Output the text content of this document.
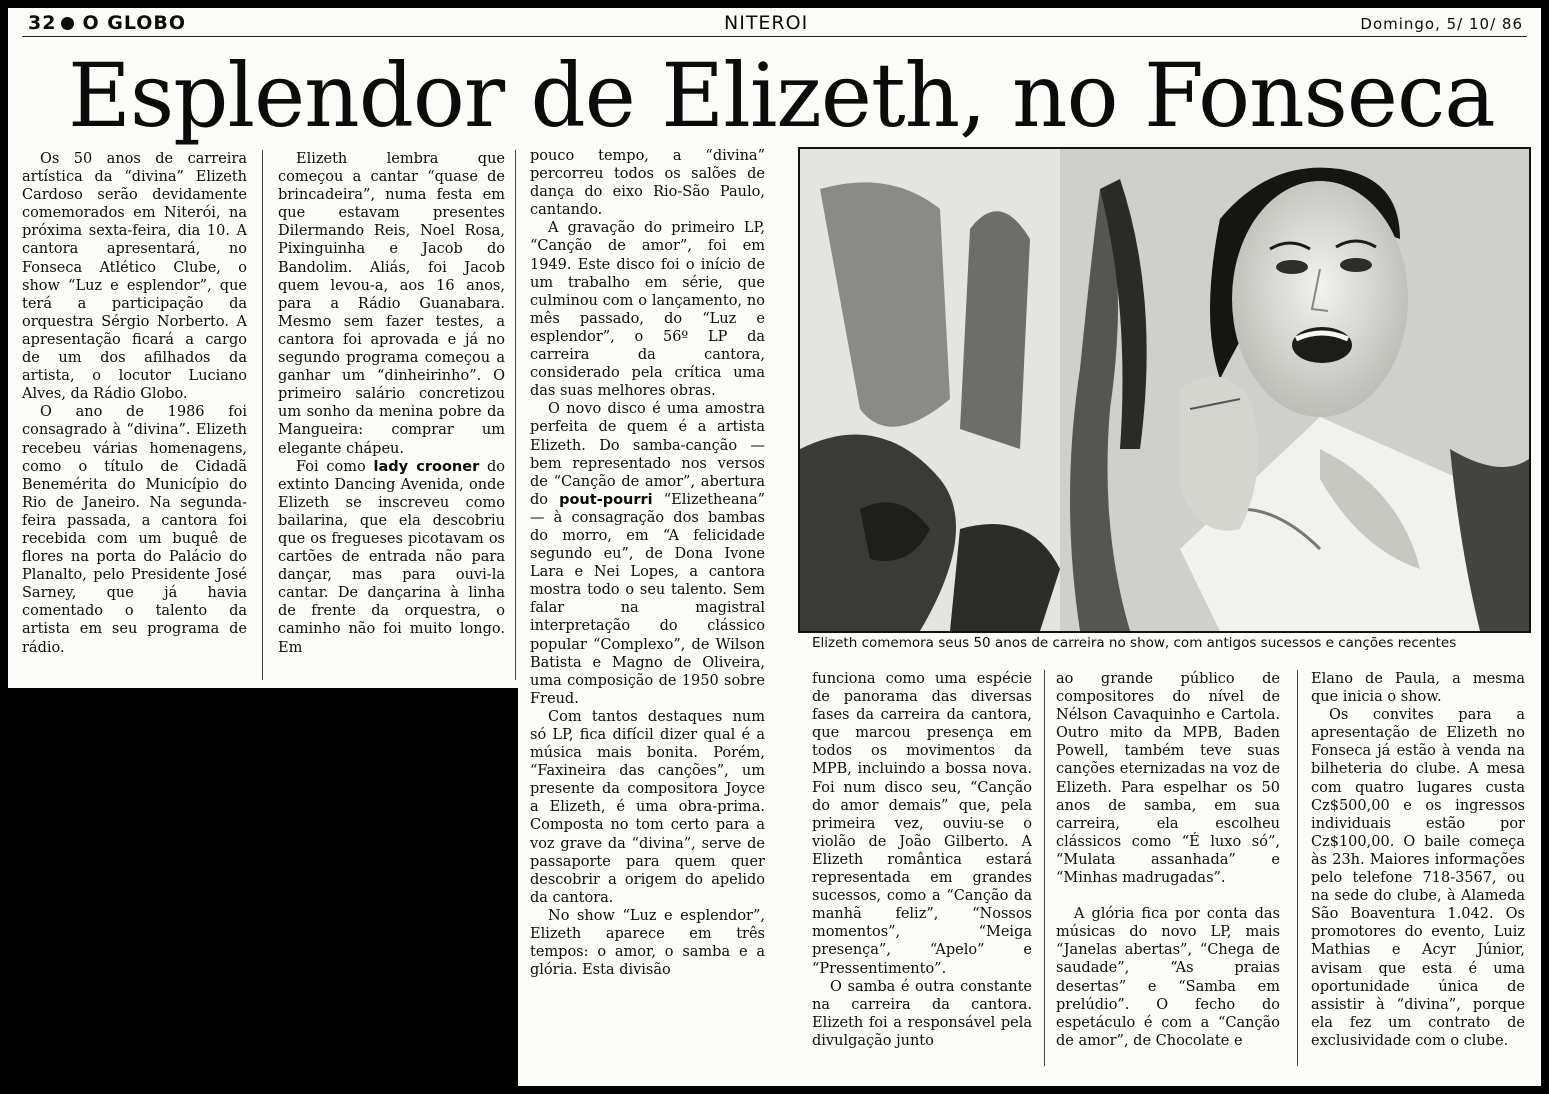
32 O GLOBO	NITEROI	Domingo, 5/ 10/ 86
Esplendor de Elizeth, no Fonseca

Os 50 anos de carreira artística da “divina” Elizeth Cardoso serão devidamente comemorados em Niterói, na próxima sexta-feira, dia 10. A cantora apresentará, no Fonseca Atlético Clube, o show “Luz e esplendor”, que terá a participação da orquestra Sérgio Norberto. A apresentação ficará a cargo de um dos afilhados da artista, o locutor Luciano Alves, da Rádio Globo.

O ano de 1986 foi consagrado à “divina”. Elizeth recebeu várias homenagens, como o título de Cidadã Benemérita do Município do Rio de Janeiro. Na segunda-feira passada, a cantora foi recebida com um buquê de flores na porta do Palácio do Planalto, pelo Presidente José Sarney, que já havia comentado o talento da artista em seu programa de rádio.

Elizeth lembra que começou a cantar “quase de brincadeira”, numa festa em que estavam presentes Dilermando Reis, Noel Rosa, Pixinguinha e Jacob do Bandolim. Aliás, foi Jacob quem levou-a, aos 16 anos, para a Rádio Guanabara. Mesmo sem fazer testes, a cantora foi aprovada e já no segundo programa começou a ganhar um “dinheirinho”. O primeiro salário concretizou um sonho da menina pobre da Mangueira: comprar um elegante chápeu.

Foi como lady crooner do extinto Dancing Avenida, onde Elizeth se inscreveu como bailarina, que ela descobriu que os fregueses picotavam os cartões de entrada não para dançar, mas para ouvi-la cantar. De dançarina à linha de frente da orquestra, o caminho não foi muito longo. Em

pouco tempo, a “divina” percorreu todos os salões de dança do eixo Rio-São Paulo, cantando.

A gravação do primeiro LP, “Canção de amor”, foi em 1949. Este disco foi o início de um trabalho em série, que culminou com o lançamento, no mês passado, do “Luz e esplendor”, o 56º LP da carreira da cantora, considerado pela crítica uma das suas melhores obras.

O novo disco é uma amostra perfeita de quem é a artista Elizeth. Do samba-canção — bem representado nos versos de “Canção de amor”, abertura do pout-pourri “Elizetheana” — à consagração dos bambas do morro, em “A felicidade segundo eu”, de Dona Ivone Lara e Nei Lopes, a cantora mostra todo o seu talento. Sem falar na magistral interpretação do clássico popular “Complexo”, de Wilson Batista e Magno de Oliveira, uma composição de 1950 sobre Freud.

Com tantos destaques num só LP, fica difícil dizer qual é a música mais bonita. Porém, “Faxineira das canções”, um presente da compositora Joyce a Elizeth, é uma obra-prima. Composta no tom certo para a voz grave da “divina”, serve de passaporte para quem quer descobrir a origem do apelido da cantora.

No show “Luz e esplendor”, Elizeth aparece em três tempos: o amor, o samba e a glória. Esta divisão

Elizeth comemora seus 50 anos de carreira no show, com antigos sucessos e canções recentes

funciona como uma espécie de panorama das diversas fases da carreira da cantora, que marcou presença em todos os movimentos da MPB, incluindo a bossa nova. Foi num disco seu, “Canção do amor demais” que, pela primeira vez, ouviu-se o violão de João Gilberto. A Elizeth romântica estará representada em grandes sucessos, como a “Canção da manhã feliz”, “Nossos momentos”, “Meiga presença”, “Apelo” e “Pressentimento”.

O samba é outra constante na carreira da cantora. Elizeth foi a responsável pela divulgação junto

ao grande público de compositores do nível de Nélson Cavaquinho e Cartola. Outro mito da MPB, Baden Powell, também teve suas canções eternizadas na voz de Elizeth. Para espelhar os 50 anos de samba, em sua carreira, ela escolheu clássicos como “É luxo só”, “Mulata assanhada” e “Minhas madrugadas”.

A glória fica por conta das músicas do novo LP, mais “Janelas abertas”, “Chega de saudade”, “As praias desertas” e “Samba em prelúdio”. O fecho do espetáculo é com a “Canção de amor”, de Chocolate e

Elano de Paula, a mesma que inicia o show.

Os convites para a apresentação de Elizeth no Fonseca já estão à venda na bilheteria do clube. A mesa com quatro lugares custa Cz$500,00 e os ingressos individuais estão por Cz$100,00. O baile começa às 23h. Maiores informações pelo telefone 718-3567, ou na sede do clube, à Alameda São Boaventura 1.042. Os promotores do evento, Luiz Mathias e Acyr Júnior, avisam que esta é uma oportunidade única de assistir à “divina”, porque ela fez um contrato de exclusividade com o clube.
